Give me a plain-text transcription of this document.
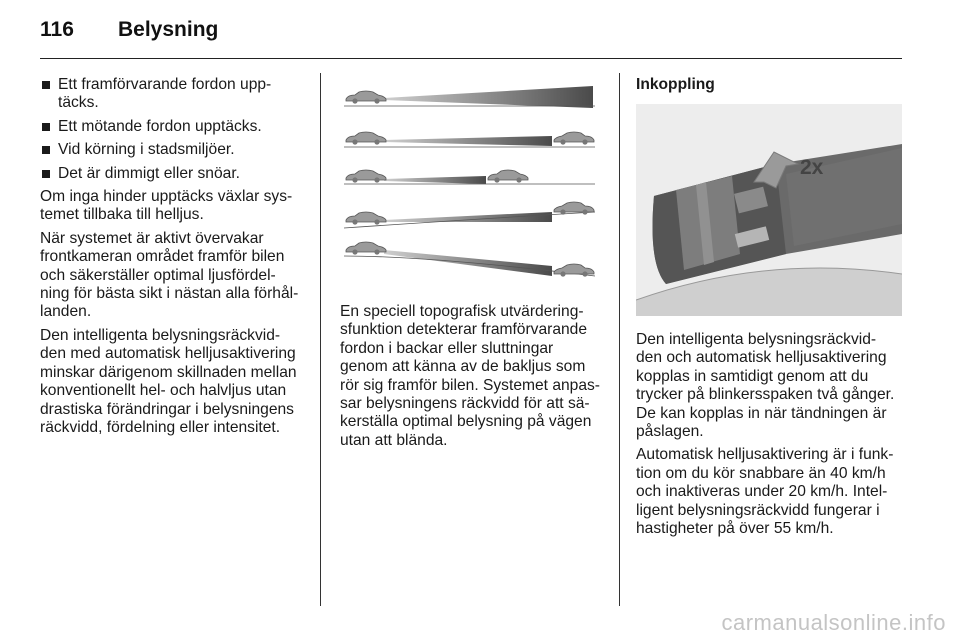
116 Belysning
Ett framförvarande fordon upp-
täcks.
Ett mötande fordon upptäcks.
Vid körning i stadsmiljöer.
Det är dimmigt eller snöar.

Om inga hinder upptäcks växlar sys-
temet tillbaka till helljus.

När systemet är aktivt övervakar
frontkameran området framför bilen
och säkerställer optimal ljusfördel-
ning för bästa sikt i nästan alla förhål-
landen.

Den intelligenta belysningsräckvid-
den med automatisk helljusaktivering
minskar därigenom skillnaden mellan
konventionellt hel- och halvljus utan
drastiska förändringar i belysningens
räckvidd, fördelning eller intensitet.

En speciell topografisk utvärdering-
sfunktion detekterar framförvarande
fordon i backar eller sluttningar
genom att känna av de bakljus som
rör sig framför bilen. Systemet anpas-
sar belysningens räckvidd för att sä-
kerställa optimal belysning på vägen
utan att blända.

Inkoppling
2x

Den intelligenta belysningsräckvid-
den och automatisk helljusaktivering
kopplas in samtidigt genom att du
trycker på blinkersspaken två gånger.
De kan kopplas in när tändningen är
påslagen.

Automatisk helljusaktivering är i funk-
tion om du kör snabbare än 40 km/h
och inaktiveras under 20 km/h. Intel-
ligent belysningsräckvidd fungerar i
hastigheter på över 55 km/h.

carmanualsonline.info
